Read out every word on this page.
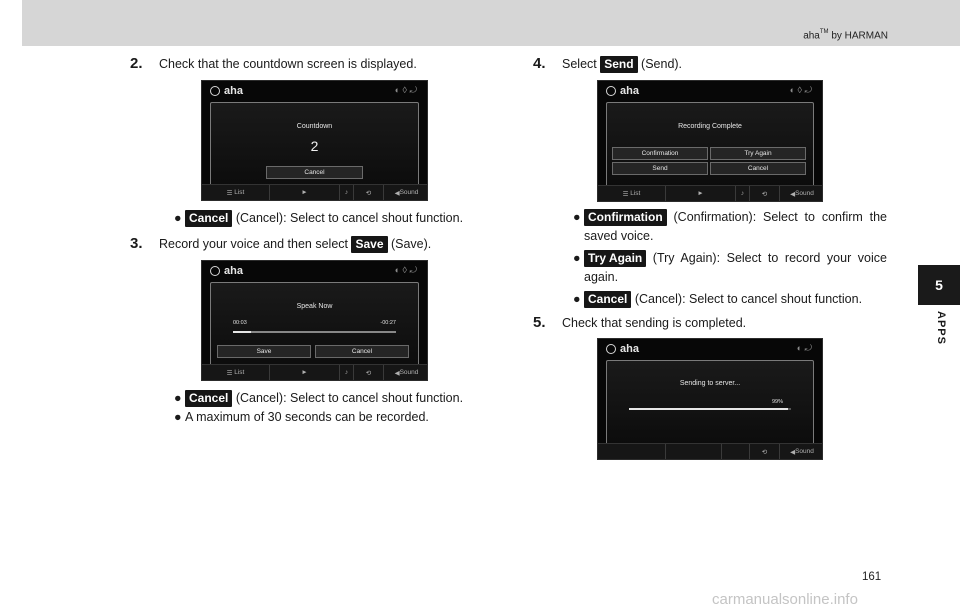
aha™ by HARMAN
5
APPS
2.	Check that the countdown screen is displayed.
aha	◐ ◊ ⤾
Countdown
2
Cancel
☰ List	►	♪	⟲	◀ Sound
● Cancel (Cancel): Select to cancel shout function.
3.	Record your voice and then select Save (Save).
aha	◐ ◊ ⤾
Speak Now
00:03	-00:27
Save	Cancel
☰ List	►	♪	⟲	◀ Sound
● Cancel (Cancel): Select to cancel shout function.
● A maximum of 30 seconds can be recorded.
4.	Select Send (Send).
aha	◐ ◊ ⤾
Recording Complete
Confirmation	Try Again
Send	Cancel
☰ List	►	♪	⟲	◀ Sound
● Confirmation (Confirmation): Select to confirm the saved voice.
● Try Again (Try Again): Select to record your voice again.
● Cancel (Cancel): Select to cancel shout function.
5.	Check that sending is completed.
aha	◐ ⤾
Sending to server...
99%
⟲	◀ Sound
161
carmanualsonline.info
